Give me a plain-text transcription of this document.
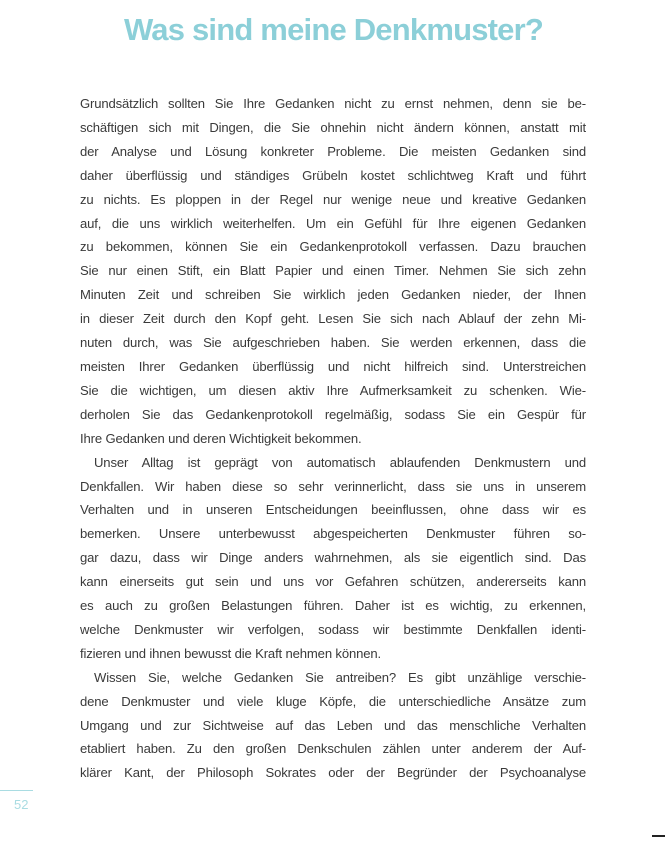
Was sind meine Denkmuster?
Grundsätzlich sollten Sie Ihre Gedanken nicht zu ernst nehmen, denn sie be-
schäftigen sich mit Dingen, die Sie ohnehin nicht ändern können, anstatt mit
der Analyse und Lösung konkreter Probleme. Die meisten Gedanken sind
daher überflüssig und ständiges Grübeln kostet schlichtweg Kraft und führt
zu nichts. Es ploppen in der Regel nur wenige neue und kreative Gedanken
auf, die uns wirklich weiterhelfen. Um ein Gefühl für Ihre eigenen Gedanken
zu bekommen, können Sie ein Gedankenprotokoll verfassen. Dazu brauchen
Sie nur einen Stift, ein Blatt Papier und einen Timer. Nehmen Sie sich zehn
Minuten Zeit und schreiben Sie wirklich jeden Gedanken nieder, der Ihnen
in dieser Zeit durch den Kopf geht. Lesen Sie sich nach Ablauf der zehn Mi-
nuten durch, was Sie aufgeschrieben haben. Sie werden erkennen, dass die
meisten Ihrer Gedanken überflüssig und nicht hilfreich sind. Unterstreichen
Sie die wichtigen, um diesen aktiv Ihre Aufmerksamkeit zu schenken. Wie-
derholen Sie das Gedankenprotokoll regelmäßig, sodass Sie ein Gespür für
Ihre Gedanken und deren Wichtigkeit bekommen.
Unser Alltag ist geprägt von automatisch ablaufenden Denkmustern und
Denkfallen. Wir haben diese so sehr verinnerlicht, dass sie uns in unserem
Verhalten und in unseren Entscheidungen beeinflussen, ohne dass wir es
bemerken. Unsere unterbewusst abgespeicherten Denkmuster führen so-
gar dazu, dass wir Dinge anders wahrnehmen, als sie eigentlich sind. Das
kann einerseits gut sein und uns vor Gefahren schützen, andererseits kann
es auch zu großen Belastungen führen. Daher ist es wichtig, zu erkennen,
welche Denkmuster wir verfolgen, sodass wir bestimmte Denkfallen identi-
fizieren und ihnen bewusst die Kraft nehmen können.
Wissen Sie, welche Gedanken Sie antreiben? Es gibt unzählige verschie-
dene Denkmuster und viele kluge Köpfe, die unterschiedliche Ansätze zum
Umgang und zur Sichtweise auf das Leben und das menschliche Verhalten
etabliert haben. Zu den großen Denkschulen zählen unter anderem der Auf-
klärer Kant, der Philosoph Sokrates oder der Begründer der Psychoanalyse
52
